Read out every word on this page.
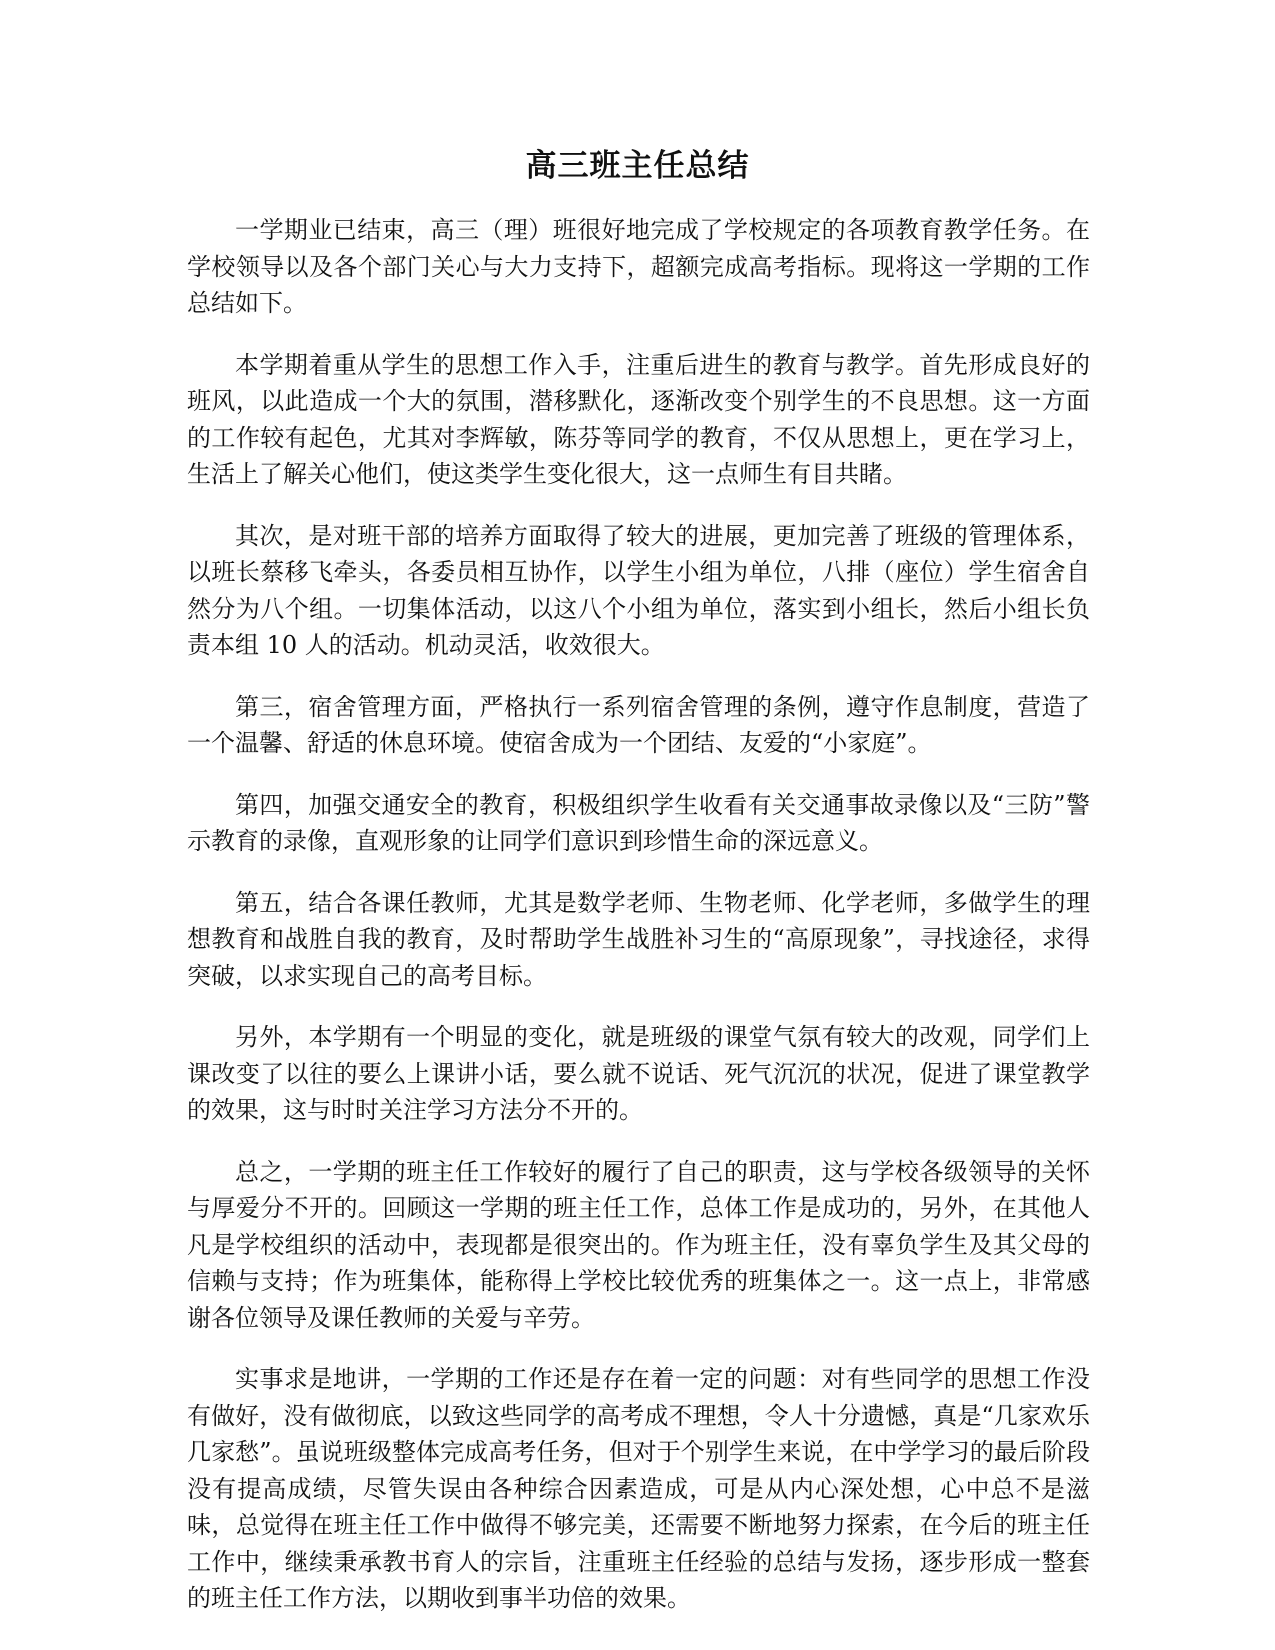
高三班主任总结

一学期业已结束，高三（理）班很好地完成了学校规定的各项教育教学任务。在学校领导以及各个部门关心与大力支持下，超额完成高考指标。现将这一学期的工作总结如下。

本学期着重从学生的思想工作入手，注重后进生的教育与教学。首先形成良好的班风，以此造成一个大的氛围，潜移默化，逐渐改变个别学生的不良思想。这一方面的工作较有起色，尤其对李辉敏，陈芬等同学的教育，不仅从思想上，更在学习上，生活上了解关心他们，使这类学生变化很大，这一点师生有目共睹。

其次，是对班干部的培养方面取得了较大的进展，更加完善了班级的管理体系，以班长蔡移飞牵头，各委员相互协作，以学生小组为单位，八排（座位）学生宿舍自然分为八个组。一切集体活动，以这八个小组为单位，落实到小组长，然后小组长负责本组 10 人的活动。机动灵活，收效很大。

第三，宿舍管理方面，严格执行一系列宿舍管理的条例，遵守作息制度，营造了一个温馨、舒适的休息环境。使宿舍成为一个团结、友爱的“小家庭”。

第四，加强交通安全的教育，积极组织学生收看有关交通事故录像以及“三防”警示教育的录像，直观形象的让同学们意识到珍惜生命的深远意义。

第五，结合各课任教师，尤其是数学老师、生物老师、化学老师，多做学生的理想教育和战胜自我的教育，及时帮助学生战胜补习生的“高原现象”，寻找途径，求得突破，以求实现自己的高考目标。

另外，本学期有一个明显的变化，就是班级的课堂气氛有较大的改观，同学们上课改变了以往的要么上课讲小话，要么就不说话、死气沉沉的状况，促进了课堂教学的效果，这与时时关注学习方法分不开的。

总之，一学期的班主任工作较好的履行了自己的职责，这与学校各级领导的关怀与厚爱分不开的。回顾这一学期的班主任工作，总体工作是成功的，另外，在其他人凡是学校组织的活动中，表现都是很突出的。作为班主任，没有辜负学生及其父母的信赖与支持；作为班集体，能称得上学校比较优秀的班集体之一。这一点上，非常感谢各位领导及课任教师的关爱与辛劳。

实事求是地讲，一学期的工作还是存在着一定的问题：对有些同学的思想工作没有做好，没有做彻底，以致这些同学的高考成不理想，令人十分遗憾，真是“几家欢乐几家愁”。虽说班级整体完成高考任务，但对于个别学生来说，在中学学习的最后阶段没有提高成绩，尽管失误由各种综合因素造成，可是从内心深处想，心中总不是滋味，总觉得在班主任工作中做得不够完美，还需要不断地努力探索，在今后的班主任工作中，继续秉承教书育人的宗旨，注重班主任经验的总结与发扬，逐步形成一整套的班主任工作方法，以期收到事半功倍的效果。
